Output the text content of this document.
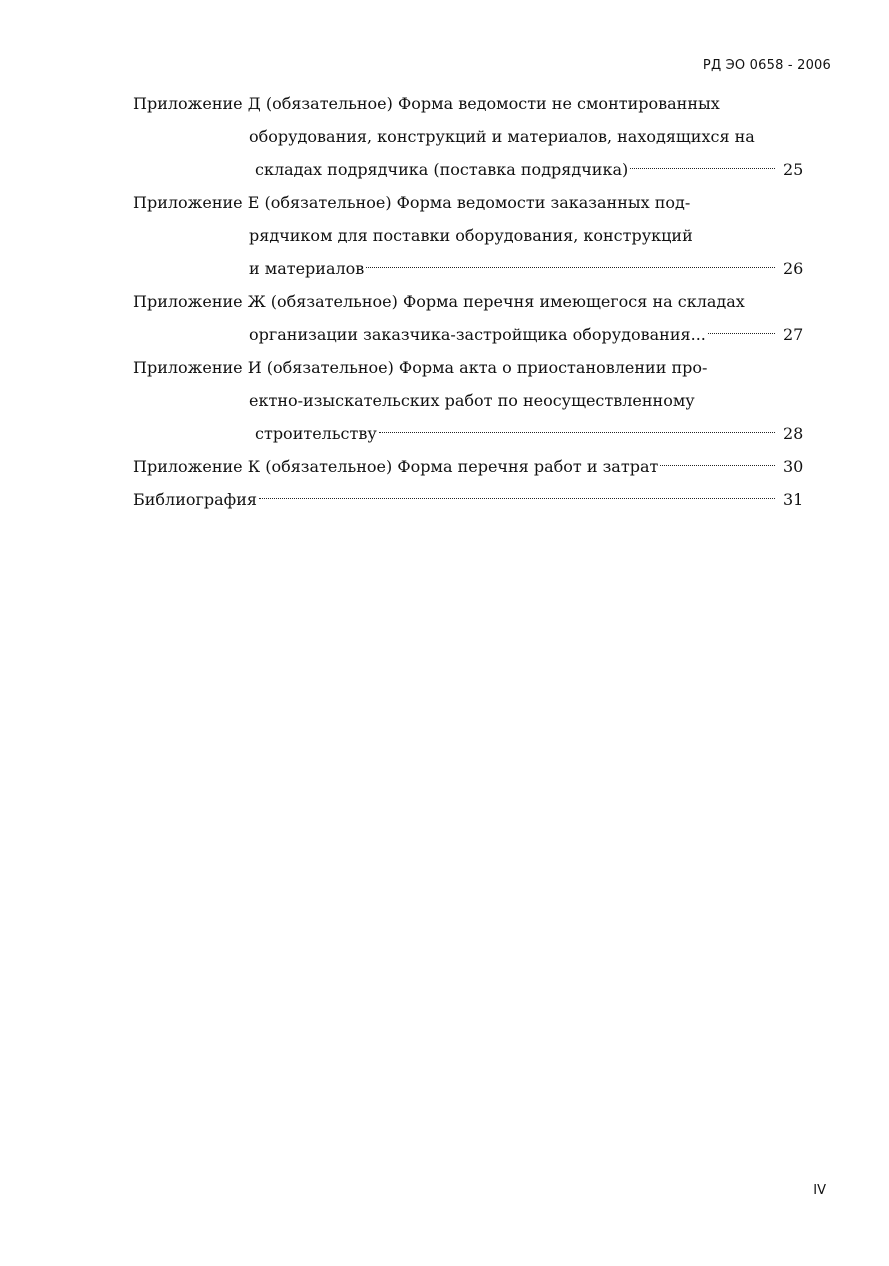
РД ЭО 0658 - 2006

Приложение Д (обязательное) Форма ведомости не смонтированных
оборудования, конструкций и материалов, находящихся на
складах подрядчика (поставка подрядчика)	25
Приложение Е (обязательное) Форма ведомости заказанных под-
рядчиком для поставки оборудования, конструкций
и материалов	26
Приложение Ж (обязательное) Форма перечня имеющегося на складах
организации заказчика-застройщика оборудования...	27
Приложение И (обязательное) Форма акта о приостановлении про-
ектно-изыскательских работ по неосуществленному
строительству	28
Приложение К (обязательное) Форма перечня работ и затрат	30
Библиография	31

IV
